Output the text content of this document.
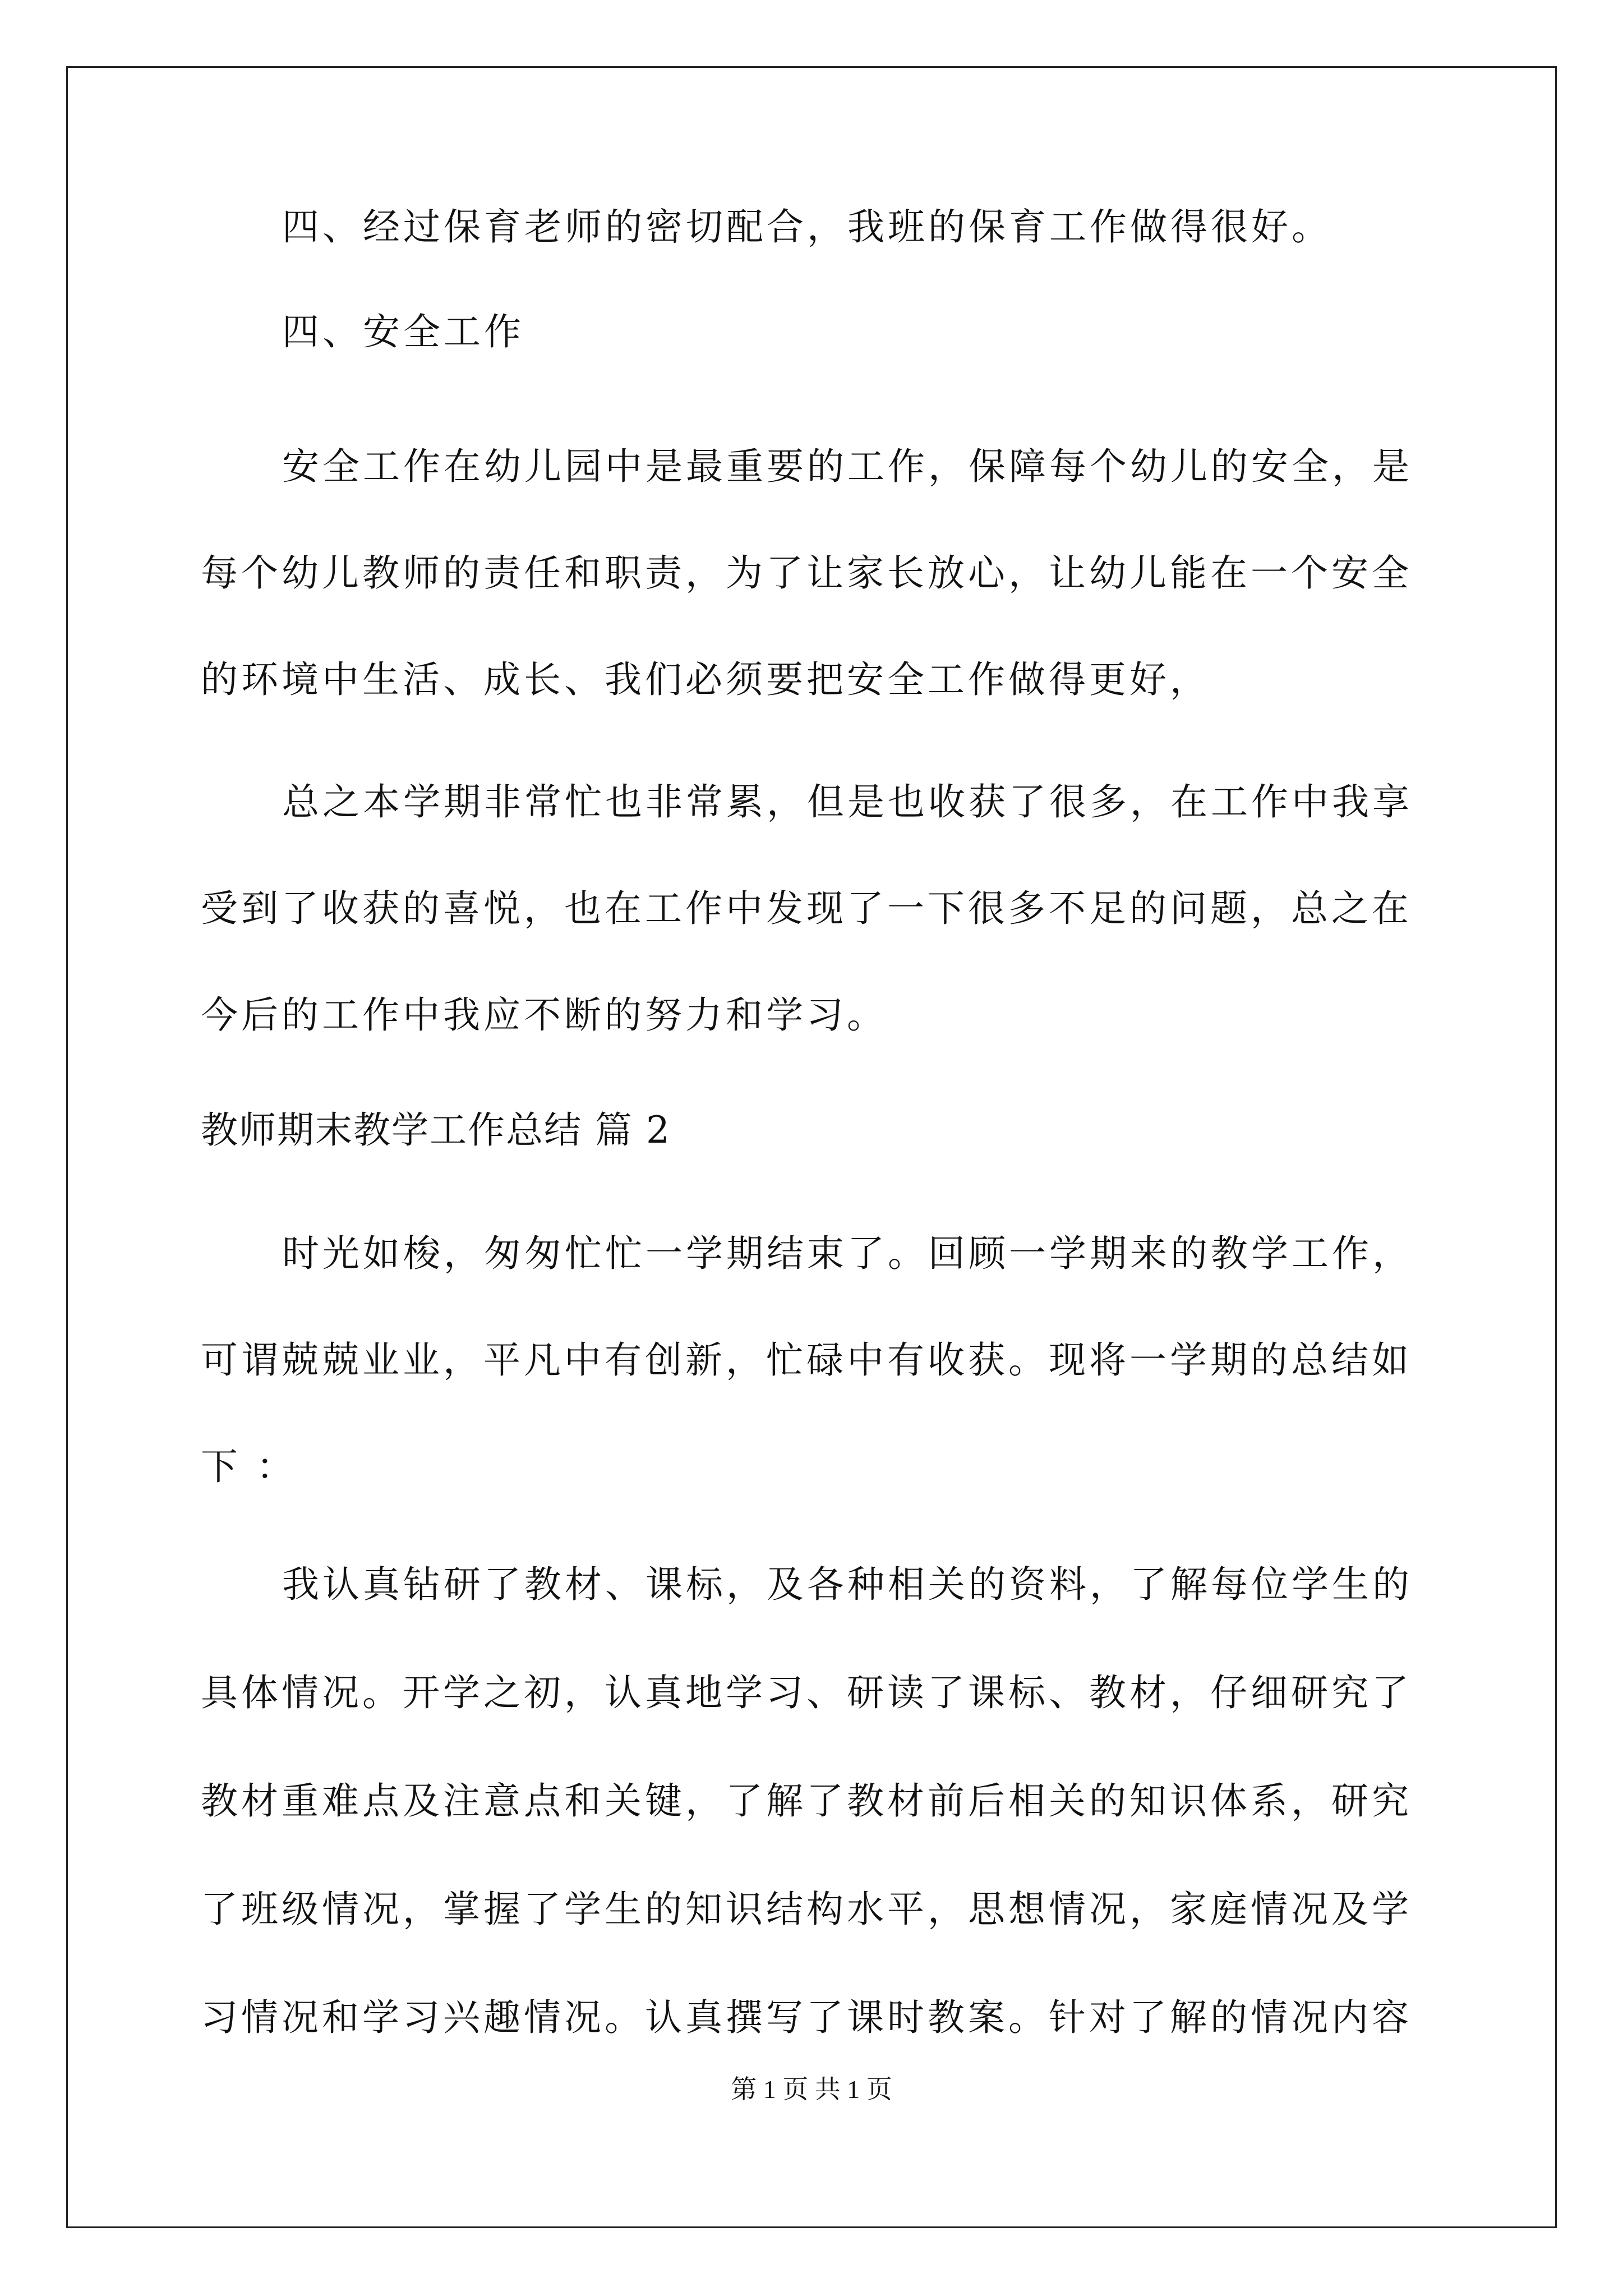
四、经过保育老师的密切配合，我班的保育工作做得很好。
四、安全工作
安全工作在幼儿园中是最重要的工作，保障每个幼儿的安全，是
每个幼儿教师的责任和职责，为了让家长放心，让幼儿能在一个安全
的环境中生活、成长、我们必须要把安全工作做得更好，
总之本学期非常忙也非常累，但是也收获了很多，在工作中我享
受到了收获的喜悦，也在工作中发现了一下很多不足的问题，总之在
今后的工作中我应不断的努力和学习。
教师期末教学工作总结 篇 2
时光如梭，匆匆忙忙一学期结束了。回顾一学期来的教学工作，
可谓兢兢业业，平凡中有创新，忙碌中有收获。现将一学期的总结如
下 ：
我认真钻研了教材、课标，及各种相关的资料，了解每位学生的
具体情况。开学之初，认真地学习、研读了课标、教材，仔细研究了
教材重难点及注意点和关键，了解了教材前后相关的知识体系，研究
了班级情况，掌握了学生的知识结构水平，思想情况，家庭情况及学
习情况和学习兴趣情况。认真撰写了课时教案。针对了解的情况内容
第 1 页 共 1 页
